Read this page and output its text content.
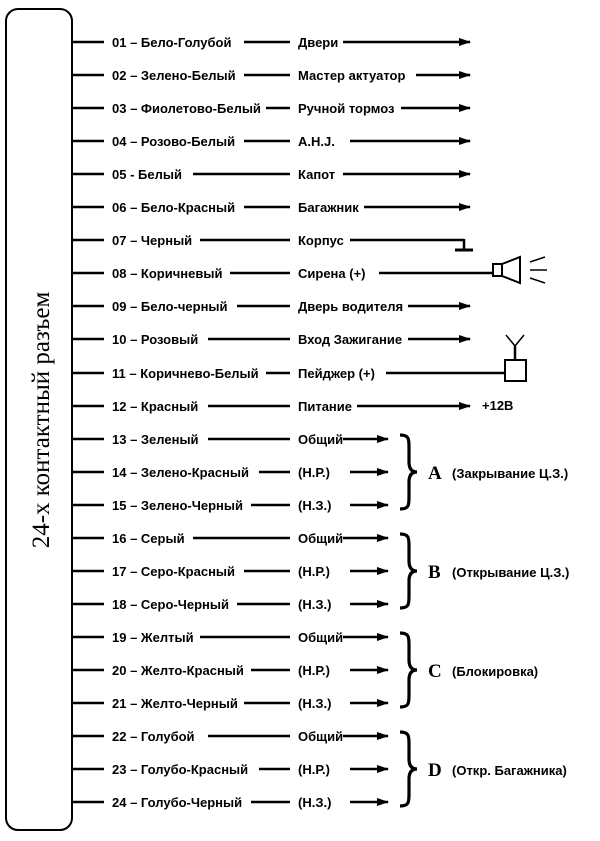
24-х контактный разъем
01 – Бело-Голубой	Двери
02 – Зелено-Белый	Мастер актуатор
03 – Фиолетово-Белый	Ручной тормоз
04 – Розово-Белый	A.H.J.
05 - Белый	Капот
06 – Бело-Красный	Багажник
07 – Черный	Корпус
08 – Коричневый	Сирена (+)
09 – Бело-черный	Дверь водителя
10 – Розовый	Вход Зажигание
11 – Коричнево-Белый	Пейджер (+)
12 – Красный	Питание
13 – Зеленый	Общий
14 – Зелено-Красный	(Н.Р.)
15 – Зелено-Черный	(Н.З.)
16 – Серый	Общий
17 – Серо-Красный	(Н.Р.)
18 – Серо-Черный	(Н.З.)
19 – Желтый	Общий
20 – Желто-Красный	(Н.Р.)
21 – Желто-Черный	(Н.З.)
22 – Голубой	Общий
23 – Голубо-Красный	(Н.Р.)
24 – Голубо-Черный	(Н.З.)
+12В
A (Закрывание Ц.З.)
B (Открывание Ц.З.)
C (Блокировка)
D (Откр. Багажника)
